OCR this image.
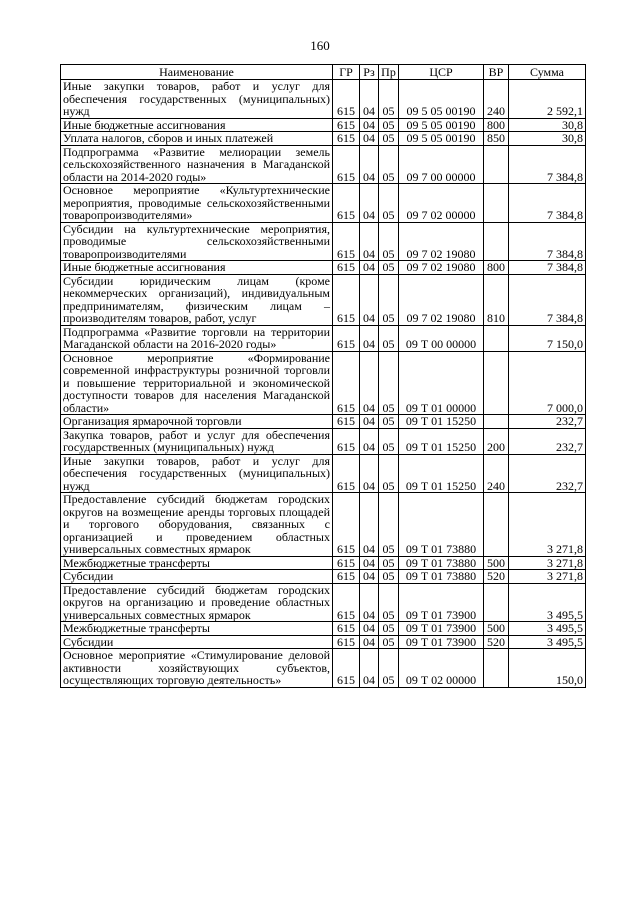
160
Наименование	ГР	Рз	Пр	ЦСР	ВР	Сумма
Иные закупки товаров, работ и услуг для обеспечения государственных (муниципальных) нужд	615	04	05	09 5 05 00190	240	2 592,1
Иные бюджетные ассигнования	615	04	05	09 5 05 00190	800	30,8
Уплата налогов, сборов и иных платежей	615	04	05	09 5 05 00190	850	30,8
Подпрограмма «Развитие мелиорации земель сельскохозяйственного назначения в Магаданской области на 2014-2020 годы»	615	04	05	09 7 00 00000		7 384,8
Основное мероприятие «Культуртехнические мероприятия, проводимые сельскохозяйственными товаропроизводителями»	615	04	05	09 7 02 00000		7 384,8
Субсидии на культуртехнические мероприятия, проводимые сельскохозяйственными товаропроизводителями	615	04	05	09 7 02 19080		7 384,8
Иные бюджетные ассигнования	615	04	05	09 7 02 19080	800	7 384,8
Субсидии юридическим лицам (кроме некоммерческих организаций), индивидуальным предпринимателям, физическим лицам – производителям товаров, работ, услуг	615	04	05	09 7 02 19080	810	7 384,8
Подпрограмма «Развитие торговли на территории Магаданской области на 2016-2020 годы»	615	04	05	09 Т 00 00000		7 150,0
Основное мероприятие «Формирование современной инфраструктуры розничной торговли и повышение территориальной и экономической доступности товаров для населения Магаданской области»	615	04	05	09 Т 01 00000		7 000,0
Организация ярмарочной торговли	615	04	05	09 Т 01 15250		232,7
Закупка товаров, работ и услуг для обеспечения государственных (муниципальных) нужд	615	04	05	09 Т 01 15250	200	232,7
Иные закупки товаров, работ и услуг для обеспечения государственных (муниципальных) нужд	615	04	05	09 Т 01 15250	240	232,7
Предоставление субсидий бюджетам городских округов на возмещение аренды торговых площадей и торгового оборудования, связанных с организацией и проведением областных универсальных совместных ярмарок	615	04	05	09 Т 01 73880		3 271,8
Межбюджетные трансферты	615	04	05	09 Т 01 73880	500	3 271,8
Субсидии	615	04	05	09 Т 01 73880	520	3 271,8
Предоставление субсидий бюджетам городских округов на организацию и проведение областных универсальных совместных ярмарок	615	04	05	09 Т 01 73900		3 495,5
Межбюджетные трансферты	615	04	05	09 Т 01 73900	500	3 495,5
Субсидии	615	04	05	09 Т 01 73900	520	3 495,5
Основное мероприятие «Стимулирование деловой активности хозяйствующих субъектов, осуществляющих торговую деятельность»	615	04	05	09 Т 02 00000		150,0
